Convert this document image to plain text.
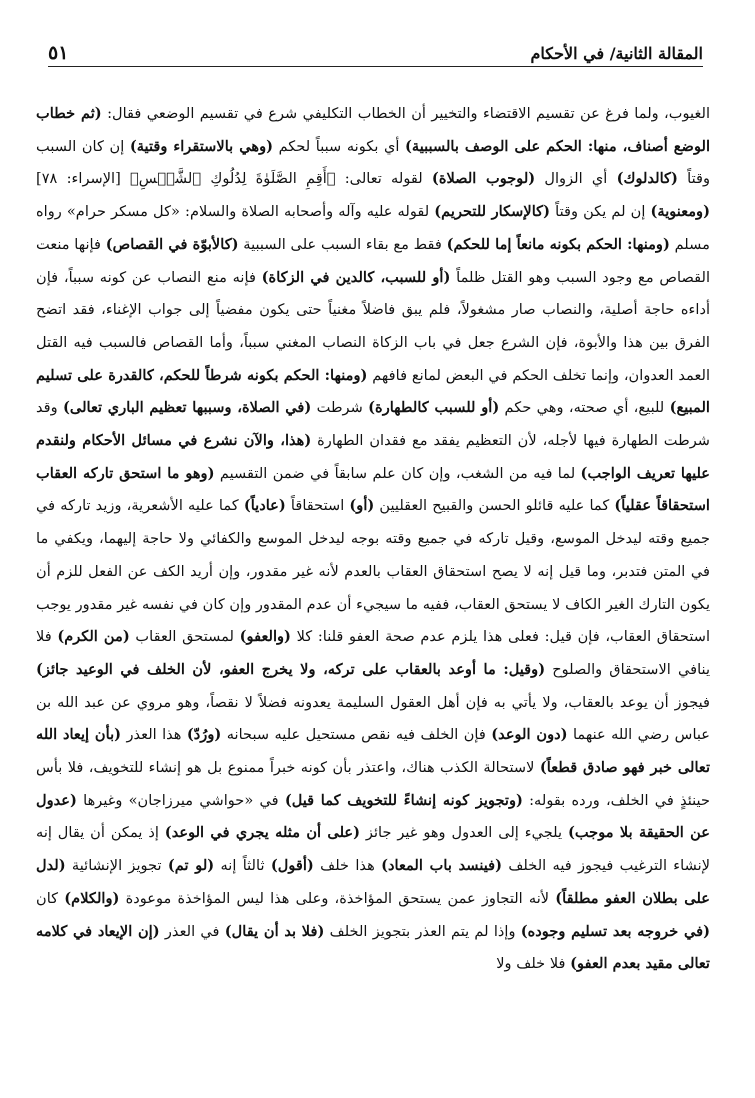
المقالة الثانية/ في الأحكام
٥١

الغيوب، ولما فرغ عن تقسيم الاقتضاء والتخيير أن الخطاب التكليفي شرع في تقسيم الوضعي فقال: (ثم خطاب الوضع أصناف، منها: الحكم على الوصف بالسببية) أي بكونه سبباً لحكم (وهي بالاستقراء وقتية) إن كان السبب وقتاً (كالدلوك) أي الزوال (لوجوب الصلاة) لقوله تعالى: ﴿أَقِمِ الصَّلَوٰةَ لِدُلُوكِ ٱلشَّمۡسِ﴾ [الإسراء: ٧٨] (ومعنوية) إن لم يكن وقتاً (كالإسكار للتحريم) لقوله عليه وآله وأصحابه الصلاة والسلام: «كل مسكر حرام» رواه مسلم (ومنها: الحكم بكونه مانعاً إما للحكم) فقط مع بقاء السبب على السببية (كالأبوّة في القصاص) فإنها منعت القصاص مع وجود السبب وهو القتل ظلماً (أو للسبب، كالدين في الزكاة) فإنه منع النصاب عن كونه سبباً، فإن أداءه حاجة أصلية، والنصاب صار مشغولاً، فلم يبق فاضلاً مغنياً حتى يكون مفضياً إلى جواب الإغناء، فقد اتضح الفرق بين هذا والأبوة، فإن الشرع جعل في باب الزكاة النصاب المغني سبباً، وأما القصاص فالسبب فيه القتل العمد العدوان، وإنما تخلف الحكم في البعض لمانع فافهم (ومنها: الحكم بكونه شرطاً للحكم، كالقدرة على تسليم المبيع) للبيع، أي صحته، وهي حكم (أو للسبب كالطهارة) شرطت (في الصلاة، وسببها تعظيم الباري تعالى) وقد شرطت الطهارة فيها لأجله، لأن التعظيم يفقد مع فقدان الطهارة (هذا، والآن نشرع في مسائل الأحكام ولنقدم عليها تعريف الواجب) لما فيه من الشغب، وإن كان علم سابقاً في ضمن التقسيم (وهو ما استحق تاركه العقاب استحقاقاً عقلياً) كما عليه قائلو الحسن والقبيح العقليين (أو) استحقاقاً (عادياً) كما عليه الأشعرية، وزيد تاركه في جميع وقته ليدخل الموسع، وقيل تاركه في جميع وقته بوجه ليدخل الموسع والكفائي ولا حاجة إليهما، ويكفي ما في المتن فتدبر، وما قيل إنه لا يصح استحقاق العقاب بالعدم لأنه غير مقدور، وإن أريد الكف عن الفعل للزم أن يكون التارك الغير الكاف لا يستحق العقاب، ففيه ما سيجيء أن عدم المقدور وإن كان في نفسه غير مقدور يوجب استحقاق العقاب، فإن قيل: فعلى هذا يلزم عدم صحة العفو قلنا: كلا (والعفو) لمستحق العقاب (من الكرم) فلا ينافي الاستحقاق والصلوح (وقيل: ما أوعد بالعقاب على تركه، ولا يخرج العفو، لأن الخلف في الوعيد جائز) فيجوز أن يوعد بالعقاب، ولا يأتي به فإن أهل العقول السليمة يعدونه فضلاً لا نقصاً، وهو مروي عن عبد الله بن عباس رضي الله عنهما (دون الوعد) فإن الخلف فيه نقص مستحيل عليه سبحانه (ورُدّ) هذا العذر (بأن إيعاد الله تعالى خبر فهو صادق قطعاً) لاستحالة الكذب هناك، واعتذر بأن كونه خبراً ممنوع بل هو إنشاء للتخويف، فلا بأس حينئذٍ في الخلف، ورده بقوله: (وتجويز كونه إنشاءً للتخويف كما قيل) في «حواشي ميرزاجان» وغيرها (عدول عن الحقيقة بلا موجب) يلجيء إلى العدول وهو غير جائز (على أن مثله يجري في الوعد) إذ يمكن أن يقال إنه لإنشاء الترغيب فيجوز فيه الخلف (فينسد باب المعاد) هذا خلف (أقول) ثالثاً إنه (لو تم) تجويز الإنشائية (لدل على بطلان العفو مطلقاً) لأنه التجاوز عمن يستحق المؤاخذة، وعلى هذا ليس المؤاخذة موعودة (والكلام) كان (في خروجه بعد تسليم وجوده) وإذا لم يتم العذر بتجويز الخلف (فلا بد أن يقال) في العذر (إن الإيعاد في كلامه تعالى مقيد بعدم العفو) فلا خلف ولا
